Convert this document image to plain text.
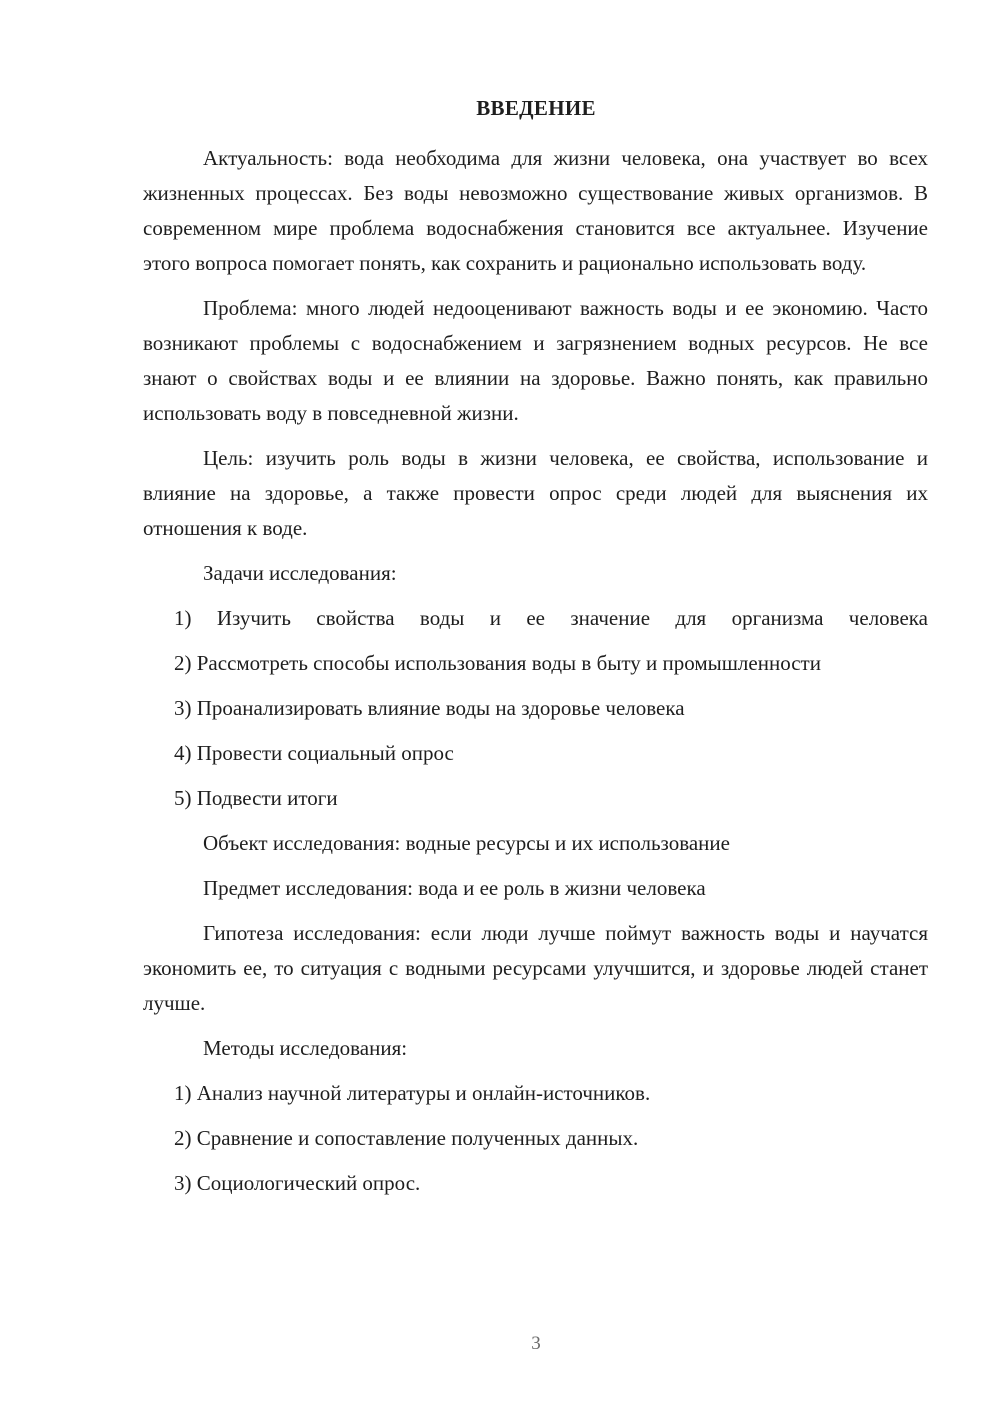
ВВЕДЕНИЕ

Актуальность: вода необходима для жизни человека, она участвует во всех жизненных процессах. Без воды невозможно существование живых организмов. В современном мире проблема водоснабжения становится все актуальнее. Изучение этого вопроса помогает понять, как сохранить и рационально использовать воду.

Проблема: много людей недооценивают важность воды и ее экономию. Часто возникают проблемы с водоснабжением и загрязнением водных ресурсов. Не все знают о свойствах воды и ее влиянии на здоровье. Важно понять, как правильно использовать воду в повседневной жизни.

Цель: изучить роль воды в жизни человека, ее свойства, использование и влияние на здоровье, а также провести опрос среди людей для выяснения их отношения к воде.

Задачи исследования:

1) Изучить свойства воды и ее значение для организма человека

2) Рассмотреть способы использования воды в быту и промышленности

3) Проанализировать влияние воды на здоровье человека

4) Провести социальный опрос

5) Подвести итоги

Объект исследования: водные ресурсы и их использование

Предмет исследования: вода и ее роль в жизни человека

Гипотеза исследования: если люди лучше поймут важность воды и научатся экономить ее, то ситуация с водными ресурсами улучшится, и здоровье людей станет лучше.

Методы исследования:

1) Анализ научной литературы и онлайн-источников.

2) Сравнение и сопоставление полученных данных.

3) Социологический опрос.

3
